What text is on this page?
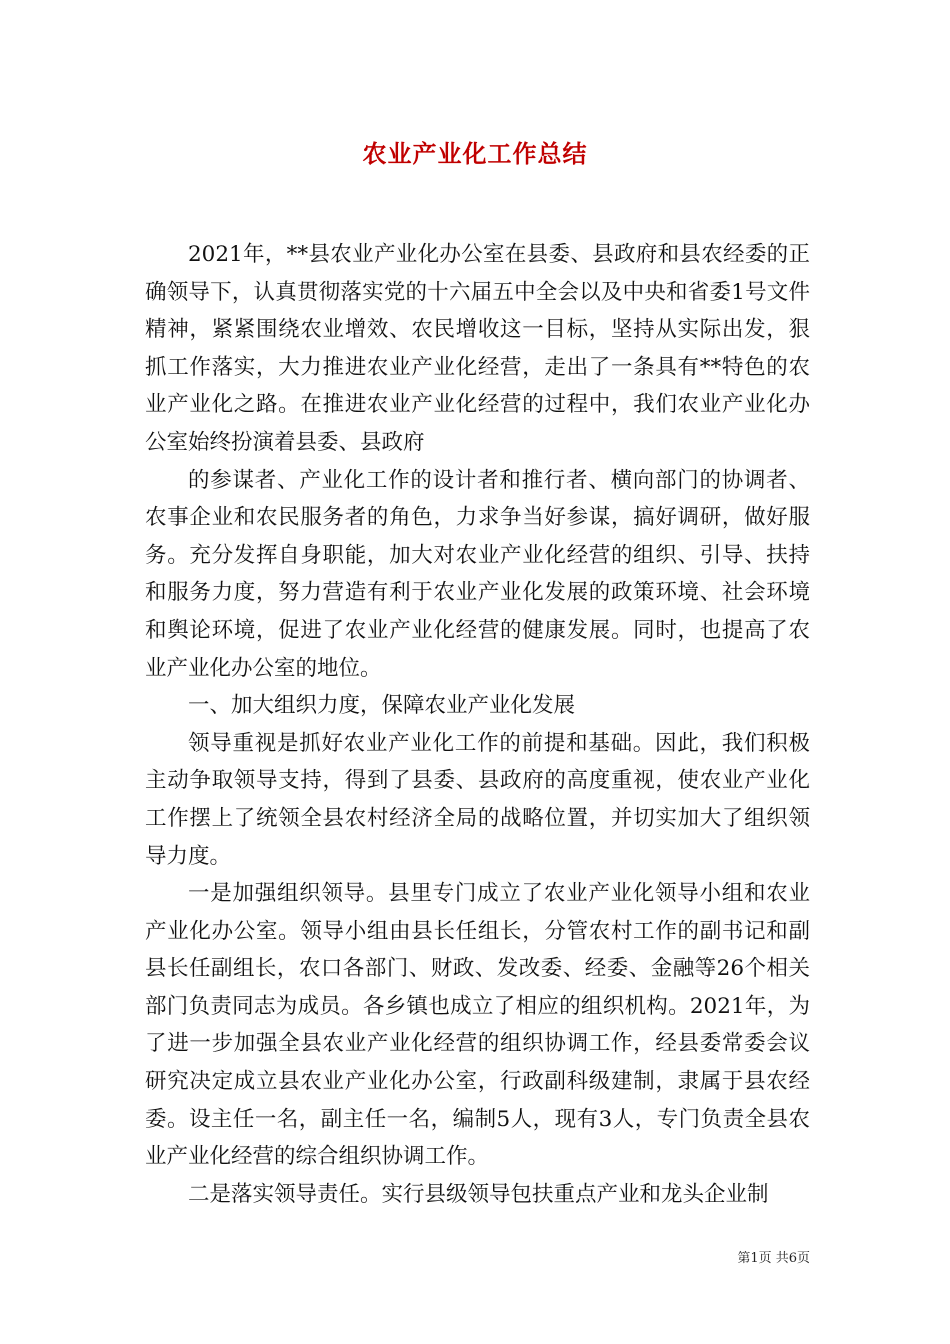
农业产业化工作总结

2021年，**县农业产业化办公室在县委、县政府和县农经委的正确领导下，认真贯彻落实党的十六届五中全会以及中央和省委1号文件精神，紧紧围绕农业增效、农民增收这一目标，坚持从实际出发，狠抓工作落实，大力推进农业产业化经营，走出了一条具有**特色的农业产业化之路。在推进农业产业化经营的过程中，我们农业产业化办公室始终扮演着县委、县政府

的参谋者、产业化工作的设计者和推行者、横向部门的协调者、农事企业和农民服务者的角色，力求争当好参谋，搞好调研，做好服务。充分发挥自身职能，加大对农业产业化经营的组织、引导、扶持和服务力度，努力营造有利于农业产业化发展的政策环境、社会环境和舆论环境，促进了农业产业化经营的健康发展。同时，也提高了农业产业化办公室的地位。

一、加大组织力度，保障农业产业化发展

领导重视是抓好农业产业化工作的前提和基础。因此，我们积极主动争取领导支持，得到了县委、县政府的高度重视，使农业产业化工作摆上了统领全县农村经济全局的战略位置，并切实加大了组织领导力度。

一是加强组织领导。县里专门成立了农业产业化领导小组和农业产业化办公室。领导小组由县长任组长，分管农村工作的副书记和副县长任副组长，农口各部门、财政、发改委、经委、金融等26个相关部门负责同志为成员。各乡镇也成立了相应的组织机构。2021年，为了进一步加强全县农业产业化经营的组织协调工作，经县委常委会议研究决定成立县农业产业化办公室，行政副科级建制，隶属于县农经委。设主任一名，副主任一名，编制5人，现有3人，专门负责全县农业产业化经营的综合组织协调工作。

二是落实领导责任。实行县级领导包扶重点产业和龙头企业制

第1页 共6页
